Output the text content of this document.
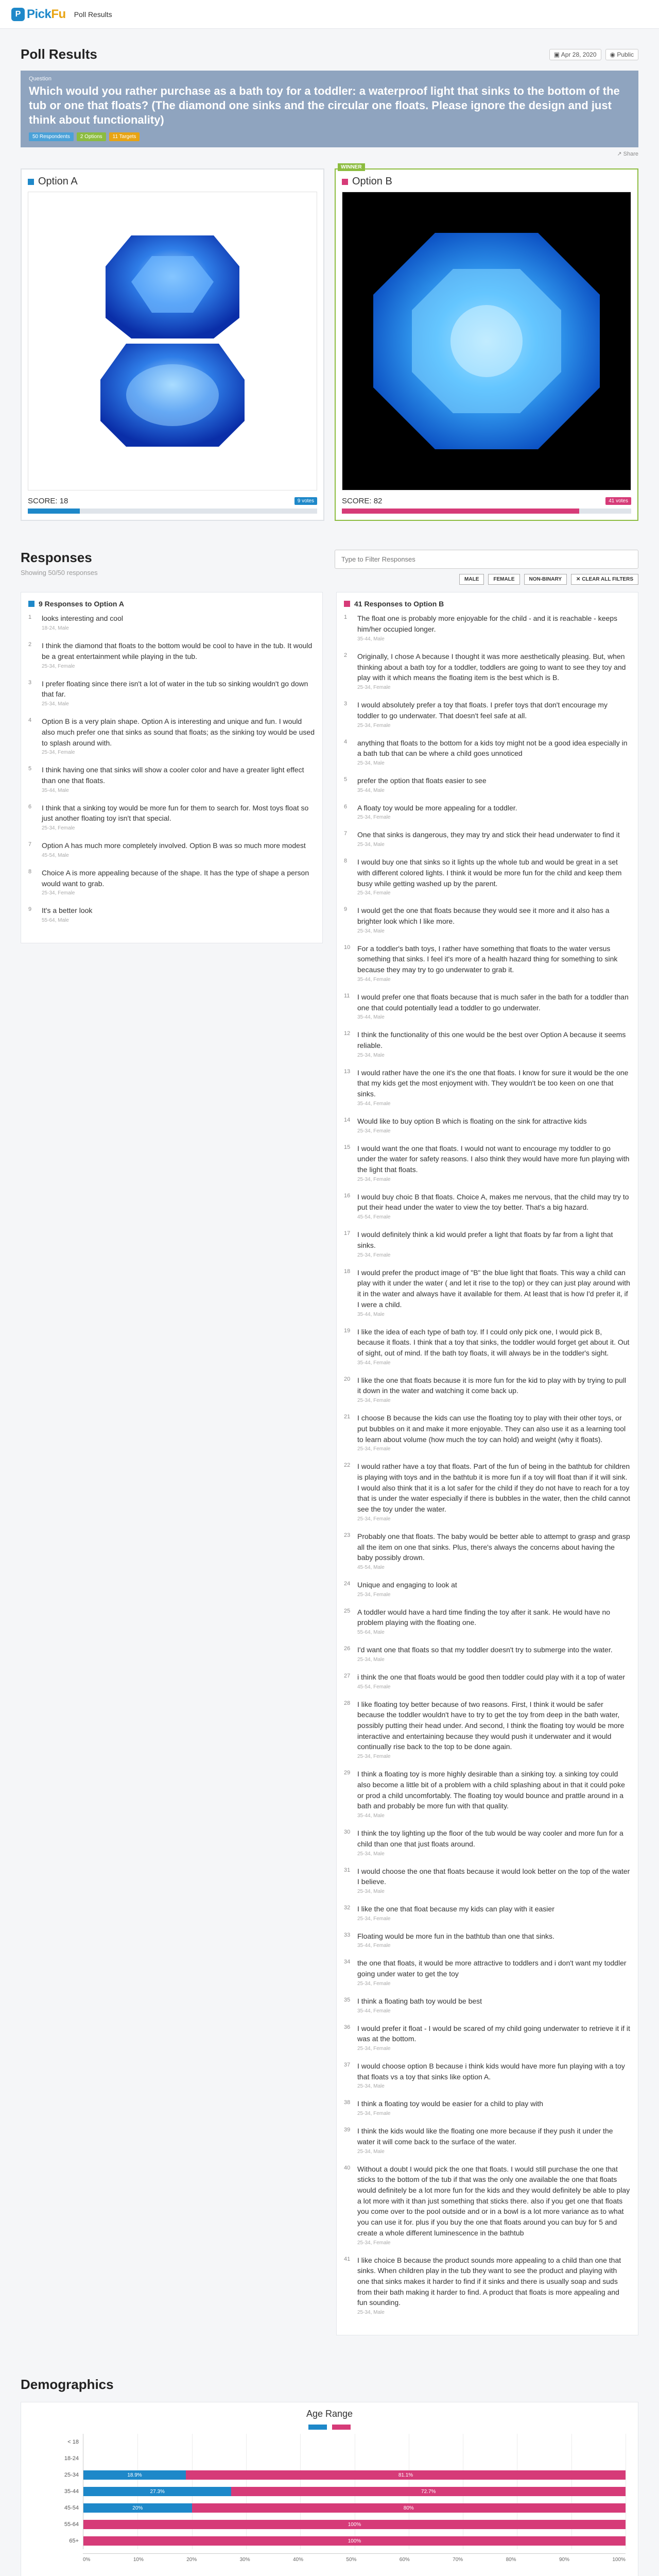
P PickFu Poll Results
Poll Results	▣ Apr 28, 2020	◉ Public
Question
Which would you rather purchase as a bath toy for a toddler: a waterproof light that sinks to the bottom of the tub or one that floats? (The diamond one sinks and the circular one floats. Please ignore the design and just think about functionality)
50 Respondents	2 Options	11 Targets
↗ Share
Option A
SCORE: 18	9 votes
WINNER
Option B
SCORE: 82	41 votes
Responses
Showing 50/50 responses
Type to Filter Responses
MALE	FEMALE	NON-BINARY	✕ CLEAR ALL FILTERS
9 Responses to Option A
1	looks interesting and cool
18-24, Male
2	I think the diamond that floats to the bottom would be cool to have in the tub. It would be a great entertainment while playing in the tub.
25-34, Female
3	I prefer floating since there isn't a lot of water in the tub so sinking wouldn't go down that far.
25-34, Male
4	Option B is a very plain shape. Option A is interesting and unique and fun. I would also much prefer one that sinks as sound that floats; as the sinking toy would be used to splash around with.
25-34, Female
5	I think having one that sinks will show a cooler color and have a greater light effect than one that floats.
35-44, Male
6	I think that a sinking toy would be more fun for them to search for. Most toys float so just another floating toy isn't that special.
25-34, Female
7	Option A has much more completely involved. Option B was so much more modest
45-54, Male
8	Choice A is more appealing because of the shape. It has the type of shape a person would want to grab.
25-34, Female
9	It's a better look
55-64, Male
41 Responses to Option B
1	The float one is probably more enjoyable for the child - and it is reachable - keeps him/her occupied longer.
35-44, Male
2	Originally, I chose A because I thought it was more aesthetically pleasing. But, when thinking about a bath toy for a toddler, toddlers are going to want to see they toy and play with it which means the floating item is the best which is B.
25-34, Female
3	I would absolutely prefer a toy that floats. I prefer toys that don't encourage my toddler to go underwater. That doesn't feel safe at all.
25-34, Female
4	anything that floats to the bottom for a kids toy might not be a good idea especially in a bath tub that can be where a child goes unnoticed
25-34, Male
5	prefer the option that floats easier to see
35-44, Male
6	A floaty toy would be more appealing for a toddler.
25-34, Female
7	One that sinks is dangerous, they may try and stick their head underwater to find it
25-34, Male
8	I would buy one that sinks so it lights up the whole tub and would be great in a set with different colored lights. I think it would be more fun for the child and keep them busy while getting washed up by the parent.
25-34, Female
9	I would get the one that floats because they would see it more and it also has a brighter look which I like more.
25-34, Male
10 For a toddler's bath toys, I rather have something that floats to the water versus something that sinks. I feel it's more of a health hazard thing for something to sink because they may try to go underwater to grab it.
35-44, Female
11	I would prefer one that floats because that is much safer in the bath for a toddler than one that could potentially lead a toddler to go underwater.
35-44, Male
12 I think the functionality of this one would be the best over Option A because it seems reliable.
25-34, Male
13 I would rather have the one it's the one that floats. I know for sure it would be the one that my kids get the most enjoyment with. They wouldn't be too keen on one that sinks.
35-44, Female
14 Would like to buy option B which is floating on the sink for attractive kids
25-34, Female
15 I would want the one that floats. I would not want to encourage my toddler to go under the water for safety reasons. I also think they would have more fun playing with the light that floats.
25-34, Female
16 I would buy choic B that floats. Choice A, makes me nervous, that the child may try to put their head under the water to view the toy better. That's a big hazard.
45-54, Female
17 I would definitely think a kid would prefer a light that floats by far from a light that sinks.
25-34, Female
18 I would prefer the product image of "B" the blue light that floats. This way a child can play with it under the water ( and let it rise to the top) or they can just play around with it in the water and always have it available for them. At least that is how I'd prefer it, if I were a child.
35-44, Male
19 I like the idea of each type of bath toy. If I could only pick one, I would pick B, because it floats. I think that a toy that sinks, the toddler would forget get about it. Out of sight, out of mind. If the bath toy floats, it will always be in the toddler's sight.
35-44, Female
20 I like the one that floats because it is more fun for the kid to play with by trying to pull it down in the water and watching it come back up.
25-34, Female
21 I choose B because the kids can use the floating toy to play with their other toys, or put bubbles on it and make it more enjoyable. They can also use it as a learning tool to learn about volume (how much the toy can hold) and weight (why it floats).
25-34, Female
22 I would rather have a toy that floats. Part of the fun of being in the bathtub for children is playing with toys and in the bathtub it is more fun if a toy will float than if it will sink. I would also think that it is a lot safer for the child if they do not have to reach for a toy that is under the water especially if there is bubbles in the water, then the child cannot see the toy under the water.
25-34, Female
23 Probably one that floats. The baby would be better able to attempt to grasp and grasp all the item on one that sinks. Plus, there's always the concerns about having the baby possibly drown.
45-54, Male
24 Unique and engaging to look at
25-34, Female
25 A toddler would have a hard time finding the toy after it sank. He would have no problem playing with the floating one.
55-64, Male
26 I'd want one that floats so that my toddler doesn't try to submerge into the water.
25-34, Male
27 i think the one that floats would be good then toddler could play with it a top of water
45-54, Female
28 I like floating toy better because of two reasons. First, I think it would be safer because the toddler wouldn't have to try to get the toy from deep in the bath water, possibly putting their head under. And second, I think the floating toy would be more interactive and entertaining because they would push it underwater and it would continually rise back to the top to be done again.
25-34, Female
29 I think a floating toy is more highly desirable than a sinking toy. a sinking toy could also become a little bit of a problem with a child splashing about in that it could poke or prod a child uncomfortably. The floating toy would bounce and prattle around in a bath and probably be more fun with that quality.
35-44, Male
30 I think the toy lighting up the floor of the tub would be way cooler and more fun for a child than one that just floats around.
25-34, Male
31 I would choose the one that floats because it would look better on the top of the water I believe.
25-34, Male
32 I like the one that float because my kids can play with it easier
25-34, Female
33 Floating would be more fun in the bathtub than one that sinks.
35-44, Female
34 the one that floats, it would be more attractive to toddlers and i don't want my toddler going under water to get the toy
25-34, Female
35 I think a floating bath toy would be best
35-44, Female
36 I would prefer it float - I would be scared of my child going underwater to retrieve it if it was at the bottom.
25-34, Female
37 I would choose option B because i think kids would have more fun playing with a toy that floats vs a toy that sinks like option A.
25-34, Male
38 I think a floating toy would be easier for a child to play with
25-34, Female
39 I think the kids would like the floating one more because if they push it under the water it will come back to the surface of the water.
25-34, Male
40 Without a doubt I would pick the one that floats. I would still purchase the one that sticks to the bottom of the tub if that was the only one available the one that floats would definitely be a lot more fun for the kids and they would definitely be able to play a lot more with it than just something that sticks there. also if you get one that floats you come over to the pool outside and or in a bowl is a lot more variance as to what you can use it for. plus if you buy the one that floats around you can buy for 5 and create a whole different luminescence in the bathtub
25-34, Female
41 I like choice B because the product sounds more appealing to a child than one that sinks. When children play in the tub they want to see the product and playing with one that sinks makes it harder to find if it sinks and there is usually soap and suds from their bath making it harder to find. A product that floats is more appealing and fun sounding.
25-34, Male
Demographics
Age Range
< 18
18-24
25-34	18.9%	81.1%
35-44	27.3%	72.7%
45-54	20%	80%
55-64	100%
65+	100%
0%	10%	20%	30%	40%	50%	60%	70%	80%	90%	100%
